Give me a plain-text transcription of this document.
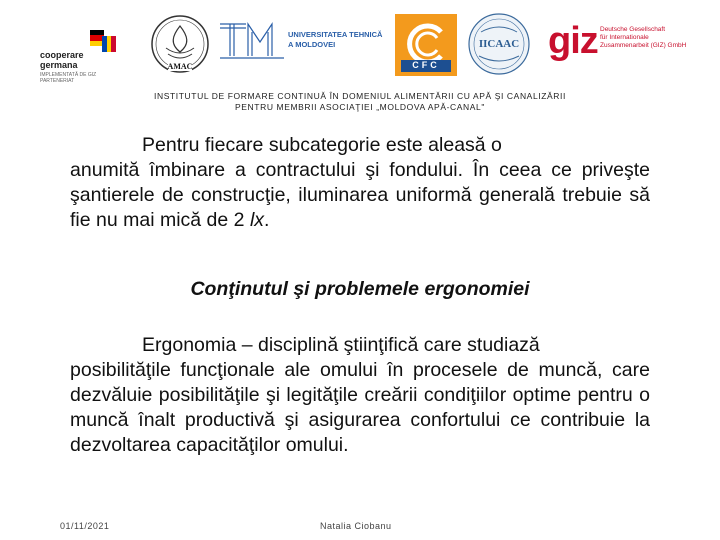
cooperare
germana
IMPLEMENTATĂ DE GIZ PARTENERIAT
AMAC
UNIVERSITATEA TEHNICĂ
A MOLDOVEI
CFC
IICAAC giz Deutsche Gesellschaft
für Internationale
Zusammenarbeit (GIZ) GmbH
INSTITUTUL DE FORMARE CONTINUĂ ÎN DOMENIUL ALIMENTĂRII CU APĂ ŞI CANALIZĂRII
PENTRU MEMBRII ASOCIAŢIEI „MOLDOVA APĂ-CANAL"
Pentru fiecare subcategorie este aleasă o
anumită îmbinare a contractului şi fondului. În ceea ce priveşte şantierele de construcţie, iluminarea uniformă generală trebuie să fie nu mai mică de 2 lx.
Conţinutul şi problemele ergonomiei
Ergonomia – disciplină ştiinţifică care studiază
posibilităţile funcţionale ale omului în procesele de muncă, care dezvăluie posibilităţile şi legităţile creării condiţiilor optime pentru o muncă înalt productivă şi asigurarea confortului ce contribuie la dezvoltarea capacităţilor omului.
01/11/2021	Natalia Ciobanu
